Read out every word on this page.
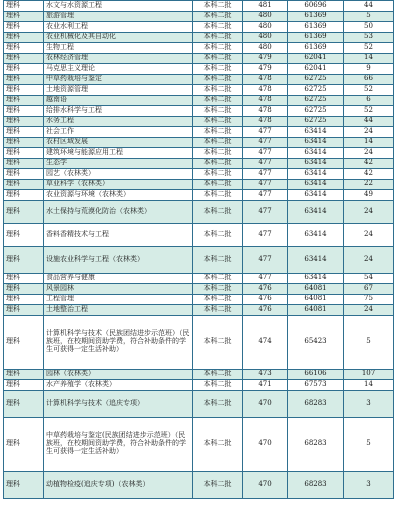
理科	水文与水资源工程	本科二批	481	60696	44
理科	旅游管理	本科二批	480	61369	5
理科	农业水利工程	本科二批	480	61369	50
理科	农业机械化及其自动化	本科二批	480	61369	53
理科	生物工程	本科二批	480	61369	52
理科	农林经济管理	本科二批	479	62041	14
理科	马克思主义理论	本科二批	479	62041	9
理科	中草药栽培与鉴定	本科二批	478	62725	66
理科	土地资源管理	本科二批	478	62725	52
理科	越南语	本科二批	478	62725	6
理科	给排水科学与工程	本科二批	478	62725	52
理科	水务工程	本科二批	478	62725	44
理科	社会工作	本科二批	477	63414	24
理科	农村区域发展	本科二批	477	63414	14
理科	建筑环境与能源应用工程	本科二批	477	63414	24
理科	生态学	本科二批	477	63414	42
理科	园艺（农林类）	本科二批	477	63414	42
理科	草业科学（农林类）	本科二批	477	63414	22
理科	农业资源与环境（农林类）	本科二批	477	63414	49
理科	水土保持与荒漠化防治（农林类）	本科二批	477	63414	24
理科	香料香精技术与工程	本科二批	477	63414	24
理科	设施农业科学与工程（农林类）	本科二批	477	63414	24
理科	食品营养与健康	本科二批	477	63414	54
理科	风景园林	本科二批	476	64081	67
理科	工程管理	本科二批	476	64081	75
理科	土地整治工程	本科二批	476	64081	24
理科	计算机科学与技术（民族团结进步示范班）（民族班，在校期间资助学费，符合补助条件的学生可获得一定生活补助）	本科二批	474	65423	5
理科	园林（农林类）	本科二批	473	66106	107
理科	水产养殖学（农林类）	本科二批	471	67573	14
理科	计算机科学与技术（追庆专项）	本科二批	470	68283	3
理科	中草药栽培与鉴定(民族团结进步示范班）（民族班，在校期间资助学费，符合补助条件的学生可获得一定生活补助）	本科二批	470	68283	5
理科	动植物检疫(追庆专项)（农林类）	本科二批	470	68283	3
